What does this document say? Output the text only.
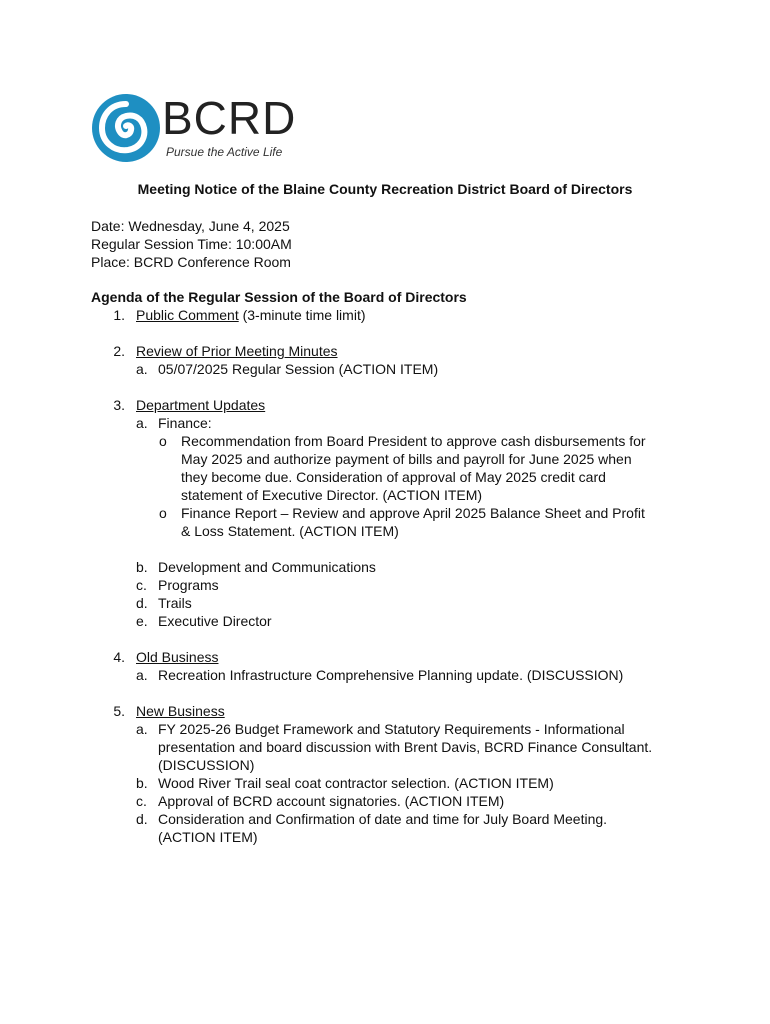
BCRD
Pursue the Active Life
Meeting Notice of the Blaine County Recreation District Board of Directors
Date: Wednesday, June 4, 2025
Regular Session Time: 10:00AM
Place: BCRD Conference Room
Agenda of the Regular Session of the Board of Directors
1. Public Comment (3-minute time limit)
2. Review of Prior Meeting Minutes
a. 05/07/2025 Regular Session (ACTION ITEM)
3. Department Updates
a. Finance:
o Recommendation from Board President to approve cash disbursements for
May 2025 and authorize payment of bills and payroll for June 2025 when
they become due. Consideration of approval of May 2025 credit card
statement of Executive Director. (ACTION ITEM)
o Finance Report – Review and approve April 2025 Balance Sheet and Profit
& Loss Statement. (ACTION ITEM)
b. Development and Communications
c. Programs
d. Trails
e. Executive Director
4. Old Business
a. Recreation Infrastructure Comprehensive Planning update. (DISCUSSION)
5. New Business
a. FY 2025-26 Budget Framework and Statutory Requirements - Informational
presentation and board discussion with Brent Davis, BCRD Finance Consultant.
(DISCUSSION)
b. Wood River Trail seal coat contractor selection. (ACTION ITEM)
c. Approval of BCRD account signatories. (ACTION ITEM)
d. Consideration and Confirmation of date and time for July Board Meeting.
(ACTION ITEM)
